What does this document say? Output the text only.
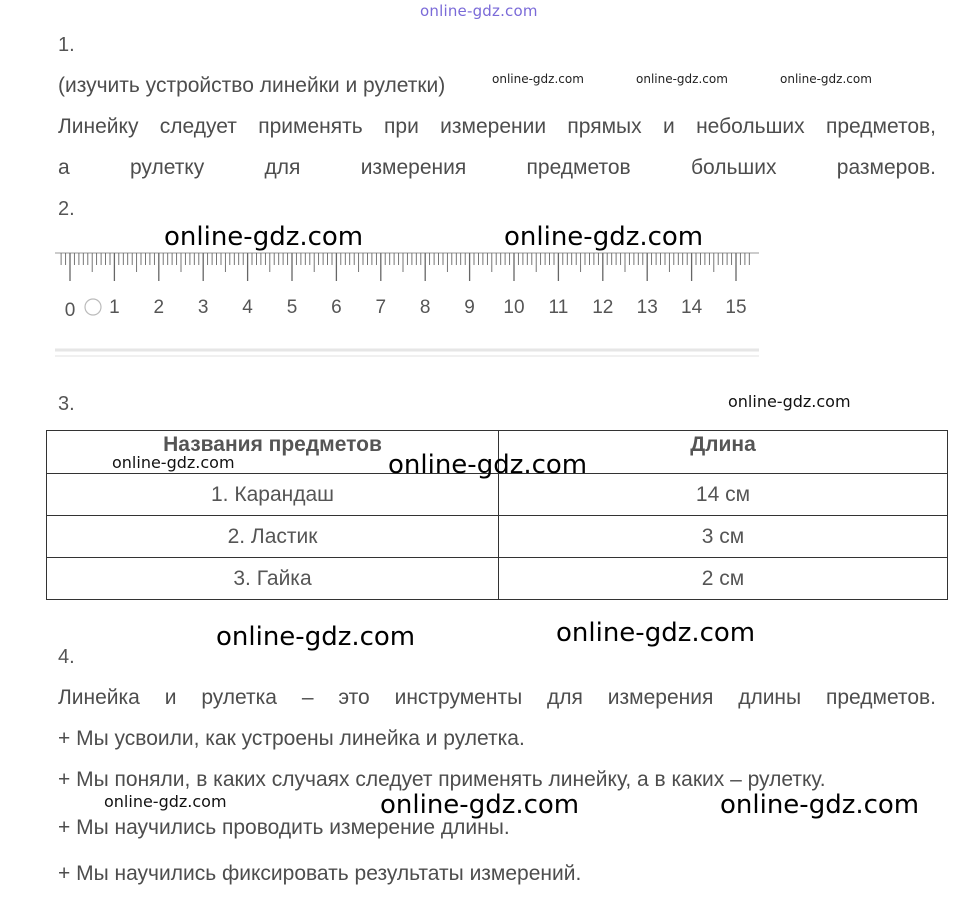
online-gdz.com
1.
(изучить устройство линейки и рулетки)	online-gdz.com	online-gdz.com	online-gdz.com
Линейку следует применять при измерении прямых и небольших предметов,
а рулетку для измерения предметов больших размеров.
2.
online-gdz.com	online-gdz.com
0 1 2 3 4 5 6 7 8 9 10 11 12 13 14 15
3.	online-gdz.com
Названия предметов	Длина
1. Карандаш	14 см
2. Ластик	3 см
3. Гайка	2 см
online-gdz.com	online-gdz.com
online-gdz.com	online-gdz.com
4.
Линейка и рулетка – это инструменты для измерения длины предметов.
+ Мы усвоили, как устроены линейка и рулетка.
+ Мы поняли, в каких случаях следует применять линейку, а в каких – рулетку.
online-gdz.com	online-gdz.com	online-gdz.com
+ Мы научились проводить измерение длины.
+ Мы научились фиксировать результаты измерений.
